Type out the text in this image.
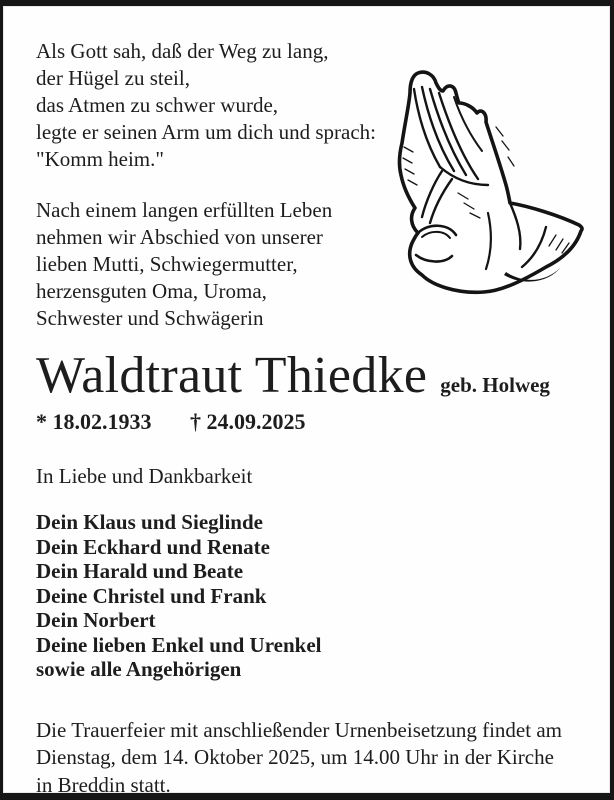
Als Gott sah, daß der Weg zu lang,

der Hügel zu steil,

das Atmen zu schwer wurde,

legte er seinen Arm um dich und sprach:

"Komm heim."

Nach einem langen erfüllten Leben

nehmen wir Abschied von unserer

lieben Mutti, Schwiegermutter,

herzensguten Oma, Uroma,

Schwester und Schwägerin

Waldtraut Thiedke geb. Holweg
* 18.02.1933 † 24.09.2025

In Liebe und Dankbarkeit

Dein Klaus und Sieglinde

Dein Eckhard und Renate

Dein Harald und Beate

Deine Christel und Frank

Dein Norbert

Deine lieben Enkel und Urenkel

sowie alle Angehörigen

Die Trauerfeier mit anschließender Urnenbeisetzung findet am

Dienstag, dem 14. Oktober 2025, um 14.00 Uhr in der Kirche

in Breddin statt.
